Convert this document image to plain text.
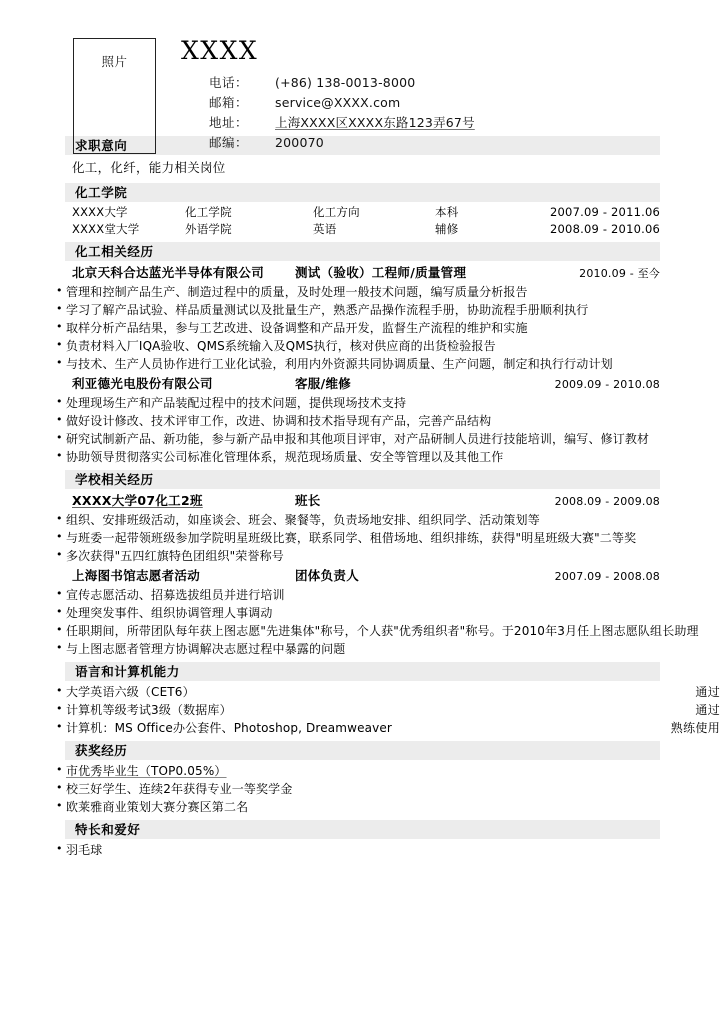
照片	XXXX
电话：	(+86) 138-0013-8000
邮箱：	service@XXXX.com
地址：	上海XXXX区XXXX东路123弄67号
邮编：	200070
求职意向
化工，化纤，能力相关岗位
化工学院
XXXX大学	化工学院	化工方向	本科	2007.09 - 2011.06
XXXX堂大学	外语学院	英语	辅修	2008.09 - 2010.06
化工相关经历
北京天科合达蓝光半导体有限公司	测试（验收）工程师/质量管理	2010.09 - 至今
• 管理和控制产品生产、制造过程中的质量，及时处理一般技术问题，编写质量分析报告
• 学习了解产品试验、样品质量测试以及批量生产，熟悉产品操作流程手册，协助流程手册顺利执行
• 取样分析产品结果，参与工艺改进、设备调整和产品开发，监督生产流程的维护和实施
• 负责材料入厂IQA验收、QMS系统输入及QMS执行，核对供应商的出货检验报告
• 与技术、生产人员协作进行工业化试验，利用内外资源共同协调质量、生产问题，制定和执行行动计划
利亚德光电股份有限公司	客服/维修	2009.09 - 2010.08
• 处理现场生产和产品装配过程中的技术问题，提供现场技术支持
• 做好设计修改、技术评审工作，改进、协调和技术指导现有产品，完善产品结构
• 研究试制新产品、新功能，参与新产品申报和其他项目评审，对产品研制人员进行技能培训，编写、修订教材
• 协助领导贯彻落实公司标准化管理体系，规范现场质量、安全等管理以及其他工作
学校相关经历
XXXX大学07化工2班	班长	2008.09 - 2009.08
• 组织、安排班级活动，如座谈会、班会、聚餐等，负责场地安排、组织同学、活动策划等
• 与班委一起带领班级参加学院明星班级比赛，联系同学、租借场地、组织排练，获得"明星班级大赛"二等奖
• 多次获得"五四红旗特色团组织"荣誉称号
上海图书馆志愿者活动	团体负责人	2007.09 - 2008.08
• 宣传志愿活动、招募选拔组员并进行培训
• 处理突发事件、组织协调管理人事调动
• 任职期间，所带团队每年获上图志愿"先进集体"称号，个人获"优秀组织者"称号。于2010年3月任上图志愿队组长助理
• 与上图志愿者管理方协调解决志愿过程中暴露的问题
语言和计算机能力
• 大学英语六级（CET6）	通过
• 计算机等级考试3级（数据库）	通过
• 计算机：MS Office办公套件、Photoshop, Dreamweaver	熟练使用
获奖经历
• 市优秀毕业生（TOP0.05%）
• 校三好学生、连续2年获得专业一等奖学金
• 欧莱雅商业策划大赛分赛区第二名
特长和爱好
• 羽毛球
